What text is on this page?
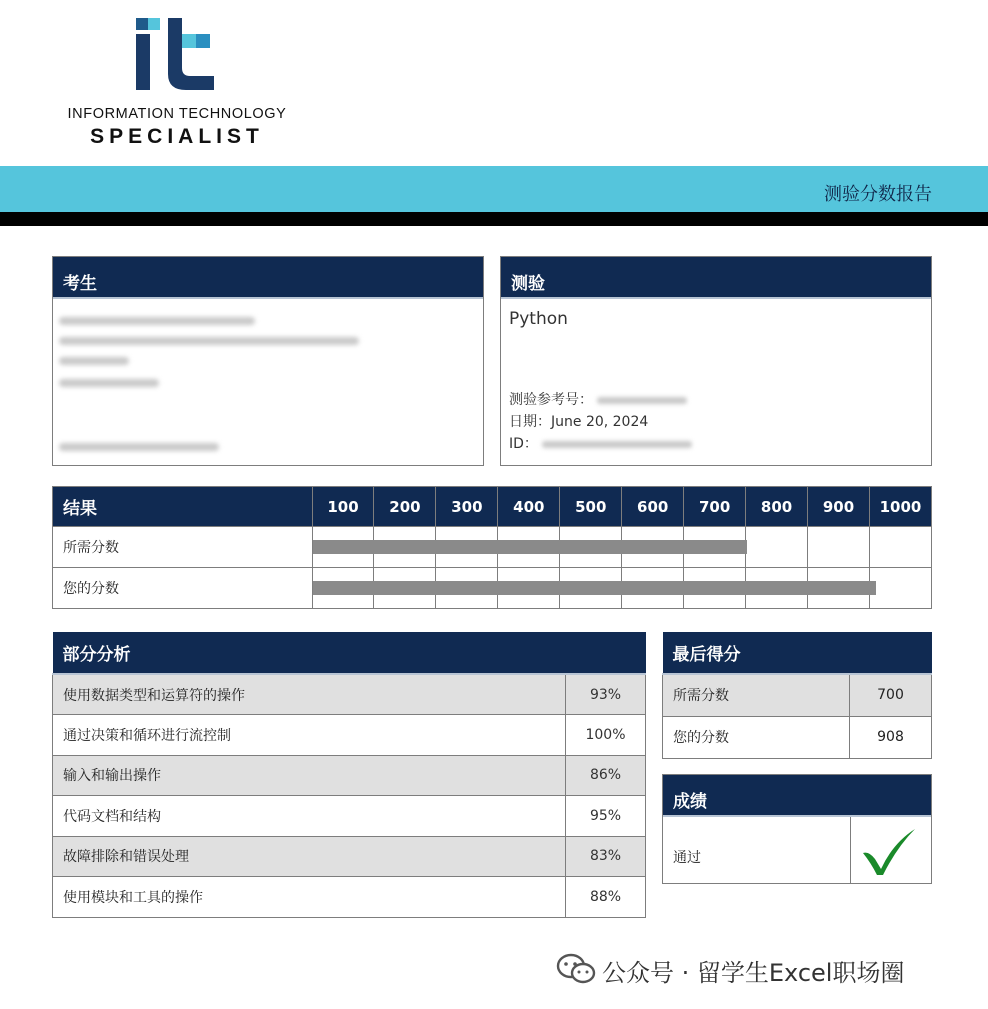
INFORMATION TECHNOLOGY
SPECIALIST
测验分数报告
考生	测验
Python
测验参考号：
日期：June 20, 2024
ID：
结果	100	200	300	400	500	600	700	800	900	1000
所需分数	

您的分数	

部分分析	
使用数据类型和运算符的操作	93%
通过决策和循环进行流控制	100%
输入和输出操作	86%
代码文档和结构	95%
故障排除和错误处理	83%
使用模块和工具的操作	88%
最后得分	
所需分数	700
您的分数	908
成绩
通过
公众号 · 留学生Excel职场圈
